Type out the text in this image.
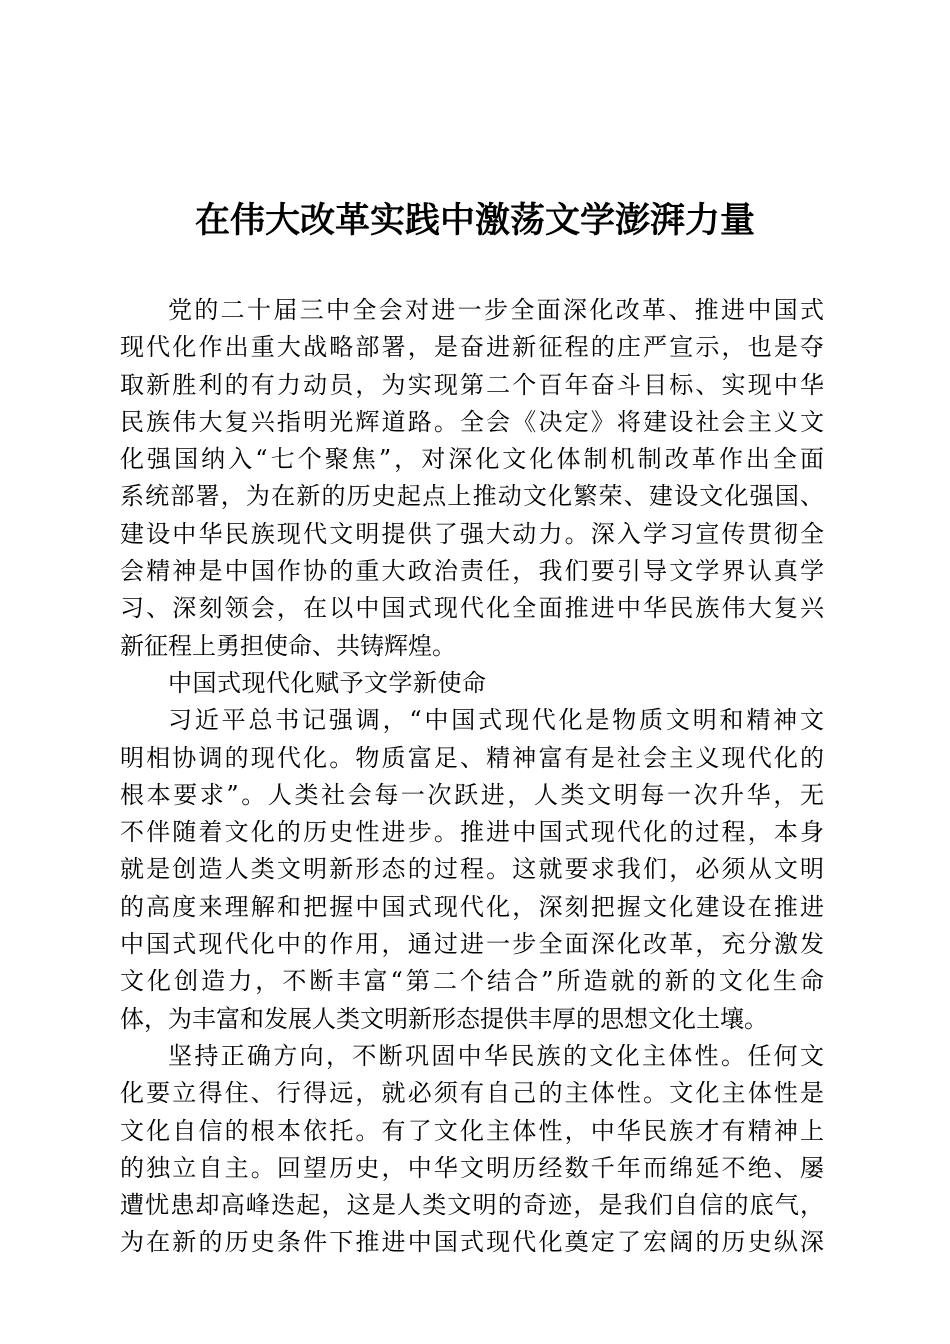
在伟大改革实践中激荡文学澎湃力量
党的二十届三中全会对进一步全面深化改革、推进中国式
现代化作出重大战略部署，是奋进新征程的庄严宣示，也是夺
取新胜利的有力动员，为实现第二个百年奋斗目标、实现中华
民族伟大复兴指明光辉道路。全会《决定》将建设社会主义文
化强国纳入“七个聚焦”，对深化文化体制机制改革作出全面
系统部署，为在新的历史起点上推动文化繁荣、建设文化强国、
建设中华民族现代文明提供了强大动力。深入学习宣传贯彻全
会精神是中国作协的重大政治责任，我们要引导文学界认真学
习、深刻领会，在以中国式现代化全面推进中华民族伟大复兴
新征程上勇担使命、共铸辉煌。
中国式现代化赋予文学新使命
习近平总书记强调，“中国式现代化是物质文明和精神文
明相协调的现代化。物质富足、精神富有是社会主义现代化的
根本要求”。人类社会每一次跃进，人类文明每一次升华，无
不伴随着文化的历史性进步。推进中国式现代化的过程，本身
就是创造人类文明新形态的过程。这就要求我们，必须从文明
的高度来理解和把握中国式现代化，深刻把握文化建设在推进
中国式现代化中的作用，通过进一步全面深化改革，充分激发
文化创造力，不断丰富“第二个结合”所造就的新的文化生命
体，为丰富和发展人类文明新形态提供丰厚的思想文化土壤。
坚持正确方向，不断巩固中华民族的文化主体性。任何文
化要立得住、行得远，就必须有自己的主体性。文化主体性是
文化自信的根本依托。有了文化主体性，中华民族才有精神上
的独立自主。回望历史，中华文明历经数千年而绵延不绝、屡
遭忧患却高峰迭起，这是人类文明的奇迹，是我们自信的底气，
为在新的历史条件下推进中国式现代化奠定了宏阔的历史纵深
